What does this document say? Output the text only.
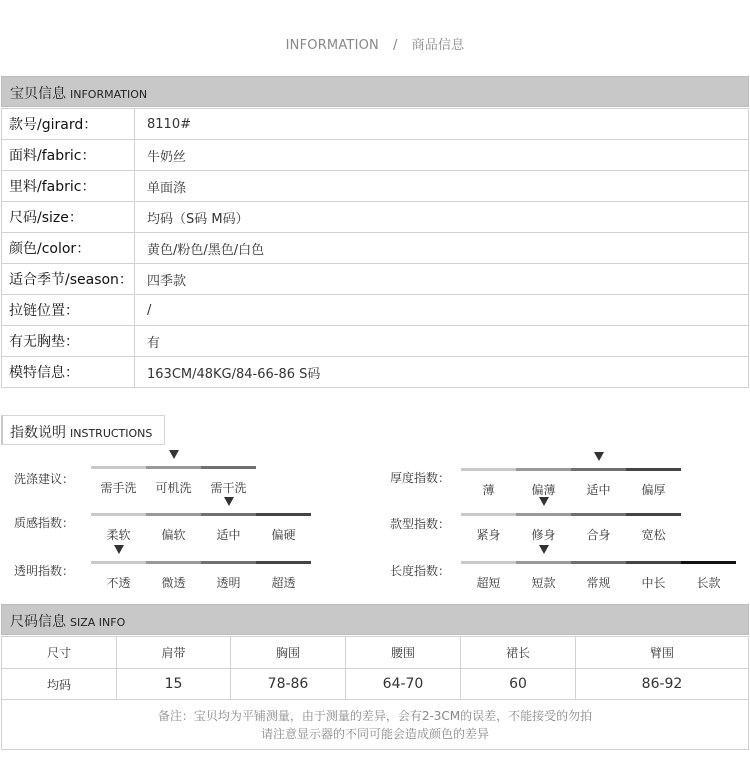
INFORMATION / 商品信息
宝贝信息 INFORMATION
款号/girard：	8110#
面料/fabric：	牛奶丝
里料/fabric：	单面涤
尺码/size：	均码（S码 M码）
颜色/color：	黄色/粉色/黑色/白色
适合季节/season：	四季款
拉链位置：	/
有无胸垫：	有
模特信息：	163CM/48KG/84-66-86 S码
指数说明 INSTRUCTIONS
洗涤建议：
需手洗	可机洗	需干洗
质感指数：
柔软	偏软	适中	偏硬
透明指数：
不透	微透	透明	超透
厚度指数：
薄	偏薄	适中	偏厚
款型指数：
紧身	修身	合身	宽松
长度指数：
超短	短款	常规	中长	长款
尺码信息 SIZA INFO
尺寸	肩带	胸围	腰围	裙长	臂围
均码	15	78-86	64-70	60	86-92
备注：宝贝均为平铺测量，由于测量的差异，会有2-3CM的误差，不能接受的勿拍
请注意显示器的不同可能会造成颜色的差异
